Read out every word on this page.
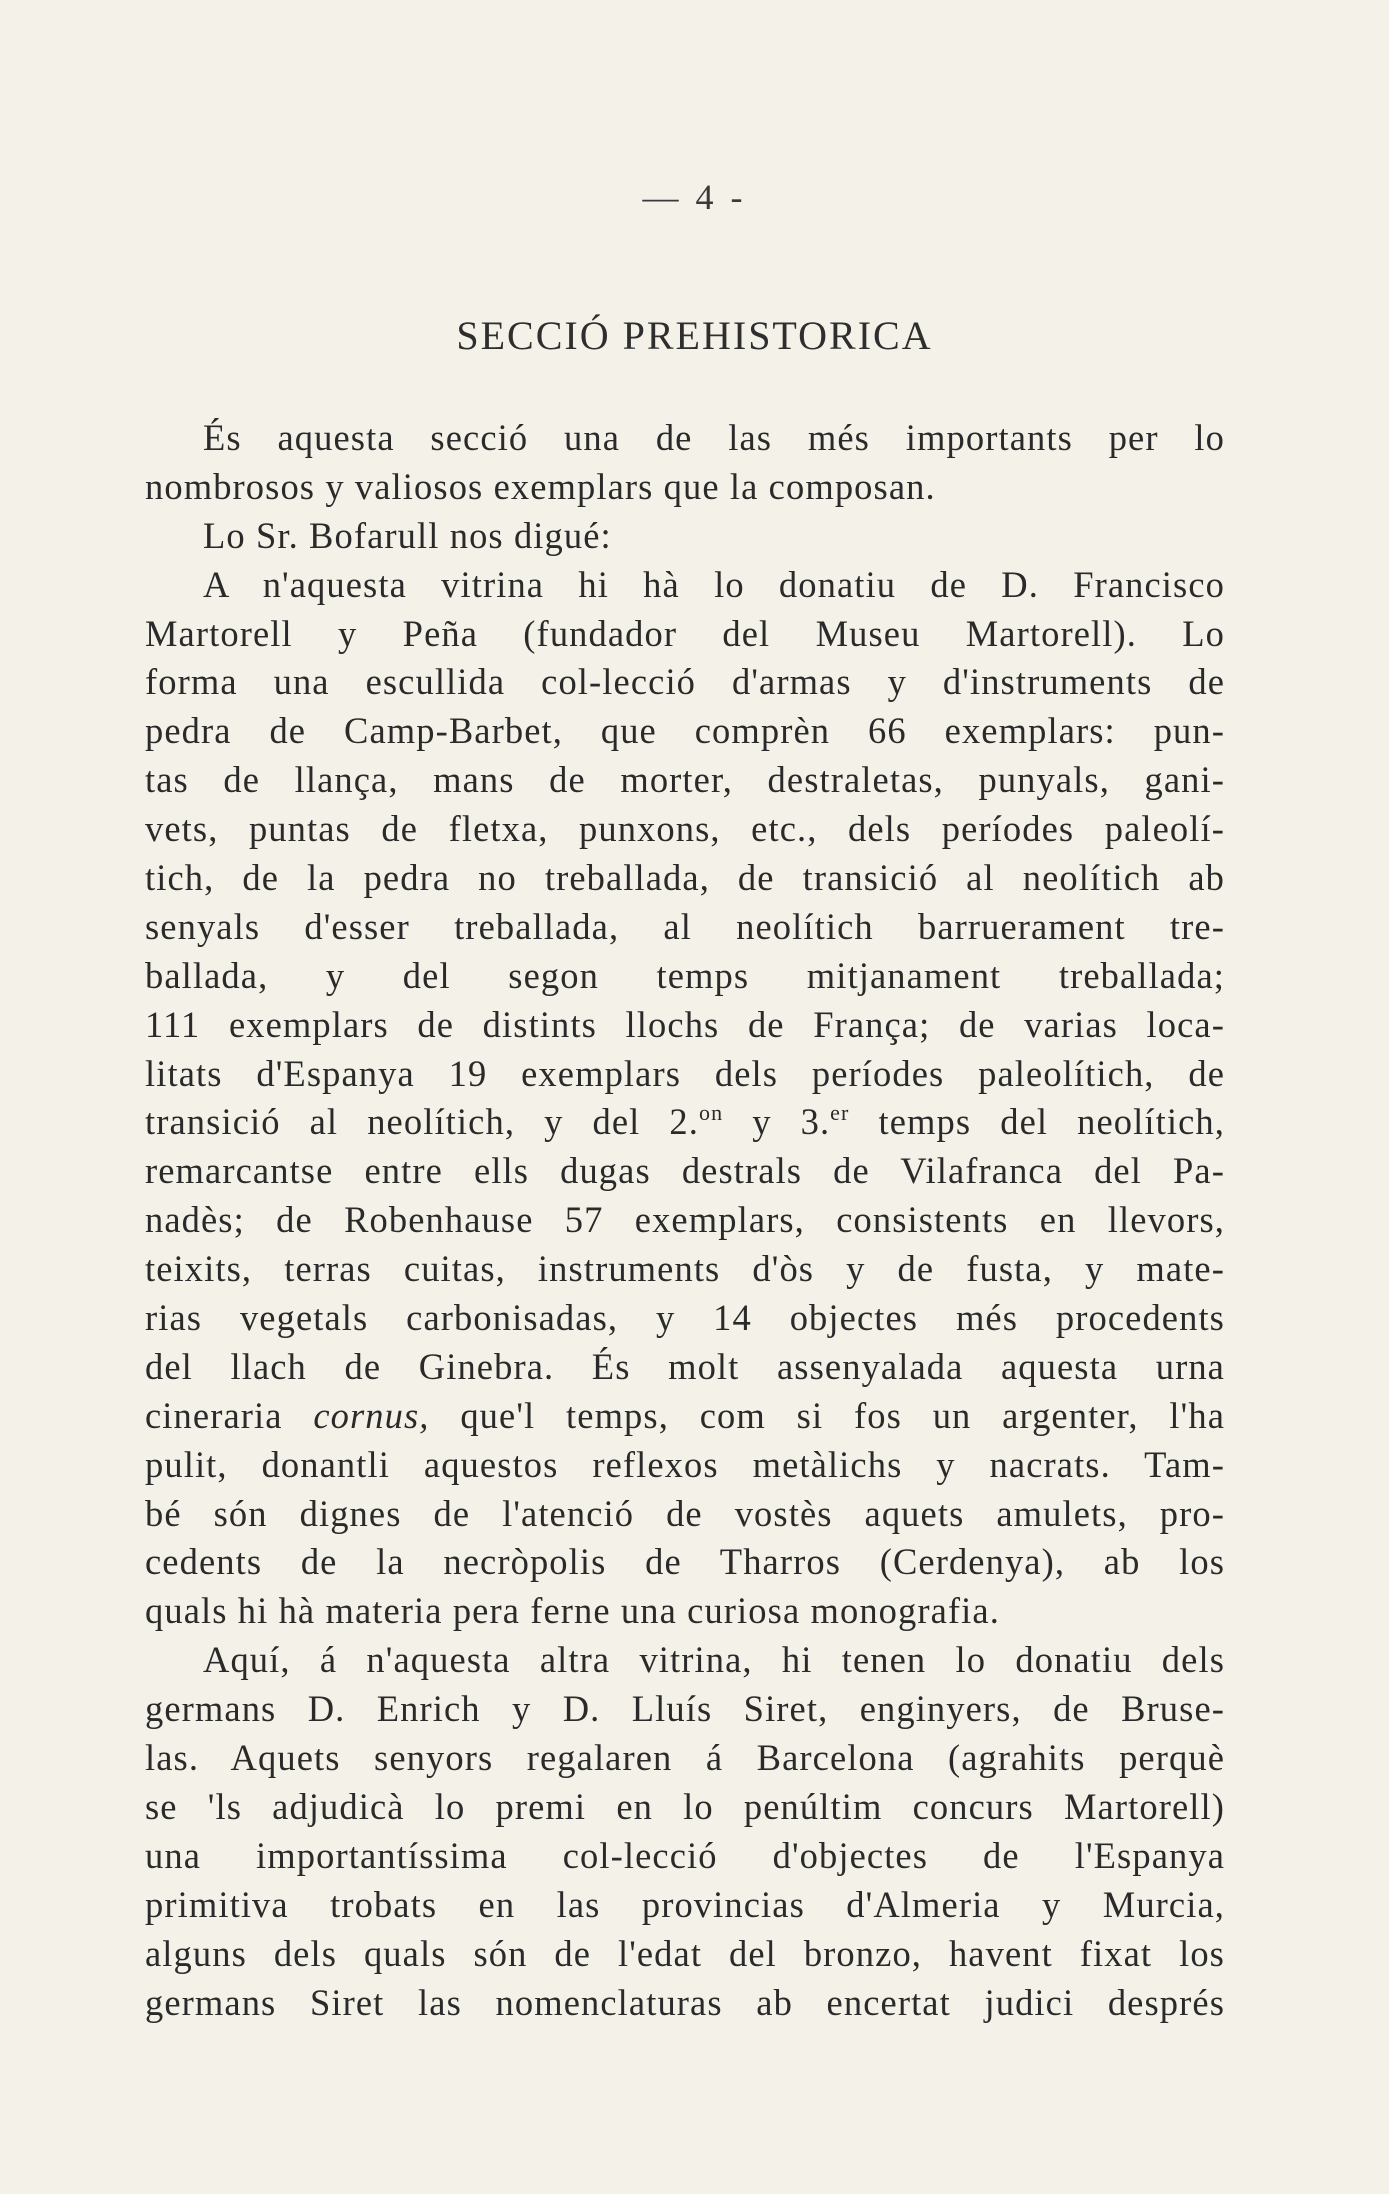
— 4 -
SECCIÓ PREHISTORICA
És aquesta secció una de las més importants per lo
nombrosos y valiosos exemplars que la composan.
Lo Sr. Bofarull nos digué:
A n'aquesta vitrina hi hà lo donatiu de D. Francisco
Martorell y Peña (fundador del Museu Martorell). Lo
forma una escullida col-lecció d'armas y d'instruments de
pedra de Camp-Barbet, que comprèn 66 exemplars: pun-
tas de llança, mans de morter, destraletas, punyals, gani-
vets, puntas de fletxa, punxons, etc., dels períodes paleolí-
tich, de la pedra no treballada, de transició al neolítich ab
senyals d'esser treballada, al neolítich barruerament tre-
ballada, y del segon temps mitjanament treballada;
111 exemplars de distints llochs de França; de varias loca-
litats d'Espanya 19 exemplars dels períodes paleolítich, de
transició al neolítich, y del 2.$^{on}$ y 3.$^{er}$ temps del neolítich,
remarcantse entre ells dugas destrals de Vilafranca del Pa-
nadès; de Robenhause 57 exemplars, consistents en llevors,
teixits, terras cuitas, instruments d'òs y de fusta, y mate-
rias vegetals carbonisadas, y 14 objectes més procedents
del llach de Ginebra. És molt assenyalada aquesta urna
cineraria cornus, que'l temps, com si fos un argenter, l'ha
pulit, donantli aquestos reflexos metàlichs y nacrats. Tam-
bé són dignes de l'atenció de vostès aquets amulets, pro-
cedents de la necròpolis de Tharros (Cerdenya), ab los
quals hi hà materia pera ferne una curiosa monografia.
Aquí, á n'aquesta altra vitrina, hi tenen lo donatiu dels
germans D. Enrich y D. Lluís Siret, enginyers, de Bruse-
las. Aquets senyors regalaren á Barcelona (agrahits perquè
se 'ls adjudicà lo premi en lo penúltim concurs Martorell)
una importantíssima col-lecció d'objectes de l'Espanya
primitiva trobats en las provincias d'Almeria y Murcia,
alguns dels quals són de l'edat del bronzo, havent fixat los
germans Siret las nomenclaturas ab encertat judici després
